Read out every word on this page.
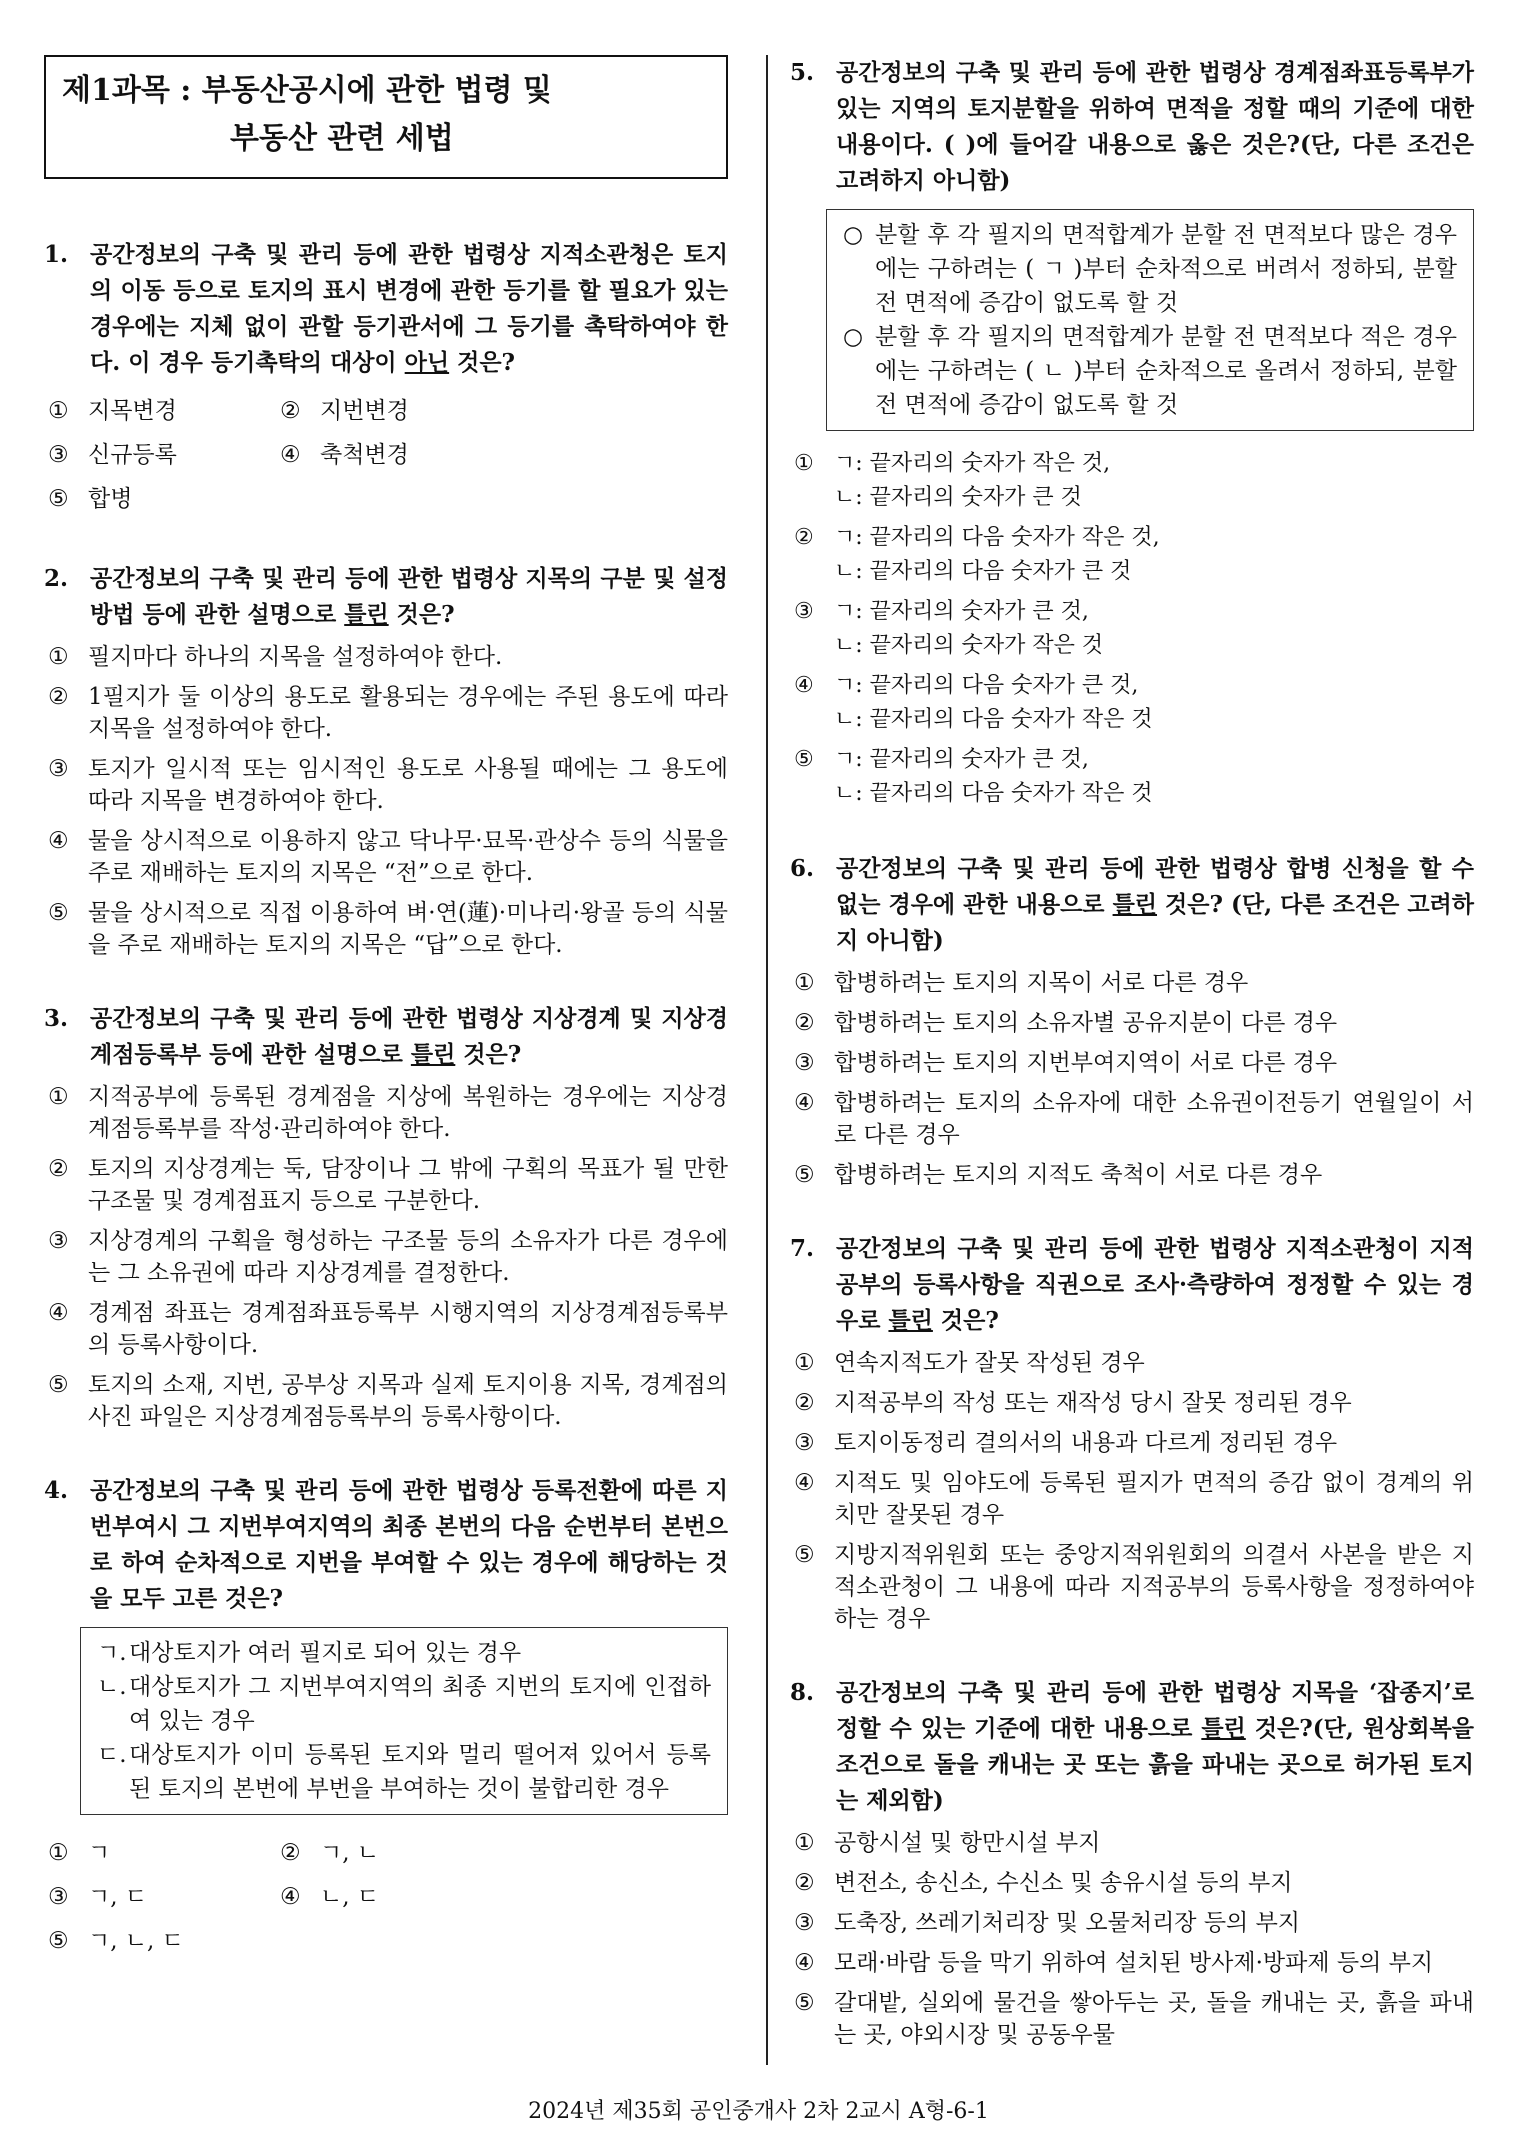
제1과목 : 부동산공시에 관한 법령 및
부동산 관련 세법
1. 공간정보의 구축 및 관리 등에 관한 법령상 지적소관청은 토지의 이동 등으로 토지의 표시 변경에 관한 등기를 할 필요가 있는 경우에는 지체 없이 관할 등기관서에 그 등기를 촉탁하여야 한다. 이 경우 등기촉탁의 대상이 아닌 것은?
① 지목변경	② 지번변경
③ 신규등록	④ 축척변경
⑤ 합병
2. 공간정보의 구축 및 관리 등에 관한 법령상 지목의 구분 및 설정방법 등에 관한 설명으로 틀린 것은?
① 필지마다 하나의 지목을 설정하여야 한다.
② 1필지가 둘 이상의 용도로 활용되는 경우에는 주된 용도에 따라 지목을 설정하여야 한다.
③ 토지가 일시적 또는 임시적인 용도로 사용될 때에는 그 용도에 따라 지목을 변경하여야 한다.
④ 물을 상시적으로 이용하지 않고 닥나무·묘목·관상수 등의 식물을 주로 재배하는 토지의 지목은 “전”으로 한다.
⑤ 물을 상시적으로 직접 이용하여 벼·연(蓮)·미나리·왕골 등의 식물을 주로 재배하는 토지의 지목은 “답”으로 한다.
3. 공간정보의 구축 및 관리 등에 관한 법령상 지상경계 및 지상경계점등록부 등에 관한 설명으로 틀린 것은?
① 지적공부에 등록된 경계점을 지상에 복원하는 경우에는 지상경계점등록부를 작성·관리하여야 한다.
② 토지의 지상경계는 둑, 담장이나 그 밖에 구획의 목표가 될 만한 구조물 및 경계점표지 등으로 구분한다.
③ 지상경계의 구획을 형성하는 구조물 등의 소유자가 다른 경우에는 그 소유권에 따라 지상경계를 결정한다.
④ 경계점 좌표는 경계점좌표등록부 시행지역의 지상경계점등록부의 등록사항이다.
⑤ 토지의 소재, 지번, 공부상 지목과 실제 토지이용 지목, 경계점의 사진 파일은 지상경계점등록부의 등록사항이다.
4. 공간정보의 구축 및 관리 등에 관한 법령상 등록전환에 따른 지번부여시 그 지번부여지역의 최종 본번의 다음 순번부터 본번으로 하여 순차적으로 지번을 부여할 수 있는 경우에 해당하는 것을 모두 고른 것은?
ㄱ. 대상토지가 여러 필지로 되어 있는 경우
ㄴ. 대상토지가 그 지번부여지역의 최종 지번의 토지에 인접하여 있는 경우
ㄷ. 대상토지가 이미 등록된 토지와 멀리 떨어져 있어서 등록된 토지의 본번에 부번을 부여하는 것이 불합리한 경우
① ㄱ	② ㄱ, ㄴ
③ ㄱ, ㄷ	④ ㄴ, ㄷ
⑤ ㄱ, ㄴ, ㄷ
5. 공간정보의 구축 및 관리 등에 관한 법령상 경계점좌표등록부가 있는 지역의 토지분할을 위하여 면적을 정할 때의 기준에 대한 내용이다. ( )에 들어갈 내용으로 옳은 것은?(단, 다른 조건은 고려하지 아니함)
○ 분할 후 각 필지의 면적합계가 분할 전 면적보다 많은 경우에는 구하려는 ( ㄱ )부터 순차적으로 버려서 정하되, 분할 전 면적에 증감이 없도록 할 것
○ 분할 후 각 필지의 면적합계가 분할 전 면적보다 적은 경우에는 구하려는 ( ㄴ )부터 순차적으로 올려서 정하되, 분할 전 면적에 증감이 없도록 할 것
① ㄱ: 끝자리의 숫자가 작은 것,
ㄴ: 끝자리의 숫자가 큰 것
② ㄱ: 끝자리의 다음 숫자가 작은 것,
ㄴ: 끝자리의 다음 숫자가 큰 것
③ ㄱ: 끝자리의 숫자가 큰 것,
ㄴ: 끝자리의 숫자가 작은 것
④ ㄱ: 끝자리의 다음 숫자가 큰 것,
ㄴ: 끝자리의 다음 숫자가 작은 것
⑤ ㄱ: 끝자리의 숫자가 큰 것,
ㄴ: 끝자리의 다음 숫자가 작은 것
6. 공간정보의 구축 및 관리 등에 관한 법령상 합병 신청을 할 수 없는 경우에 관한 내용으로 틀린 것은? (단, 다른 조건은 고려하지 아니함)
① 합병하려는 토지의 지목이 서로 다른 경우
② 합병하려는 토지의 소유자별 공유지분이 다른 경우
③ 합병하려는 토지의 지번부여지역이 서로 다른 경우
④ 합병하려는 토지의 소유자에 대한 소유권이전등기 연월일이 서로 다른 경우
⑤ 합병하려는 토지의 지적도 축척이 서로 다른 경우
7. 공간정보의 구축 및 관리 등에 관한 법령상 지적소관청이 지적공부의 등록사항을 직권으로 조사·측량하여 정정할 수 있는 경우로 틀린 것은?
① 연속지적도가 잘못 작성된 경우
② 지적공부의 작성 또는 재작성 당시 잘못 정리된 경우
③ 토지이동정리 결의서의 내용과 다르게 정리된 경우
④ 지적도 및 임야도에 등록된 필지가 면적의 증감 없이 경계의 위치만 잘못된 경우
⑤ 지방지적위원회 또는 중앙지적위원회의 의결서 사본을 받은 지적소관청이 그 내용에 따라 지적공부의 등록사항을 정정하여야 하는 경우
8. 공간정보의 구축 및 관리 등에 관한 법령상 지목을 ‘잡종지’로 정할 수 있는 기준에 대한 내용으로 틀린 것은?(단, 원상회복을 조건으로 돌을 캐내는 곳 또는 흙을 파내는 곳으로 허가된 토지는 제외함)
① 공항시설 및 항만시설 부지
② 변전소, 송신소, 수신소 및 송유시설 등의 부지
③ 도축장, 쓰레기처리장 및 오물처리장 등의 부지
④ 모래·바람 등을 막기 위하여 설치된 방사제·방파제 등의 부지
⑤ 갈대밭, 실외에 물건을 쌓아두는 곳, 돌을 캐내는 곳, 흙을 파내는 곳, 야외시장 및 공동우물
2024년 제35회 공인중개사 2차 2교시 A형-6-1
